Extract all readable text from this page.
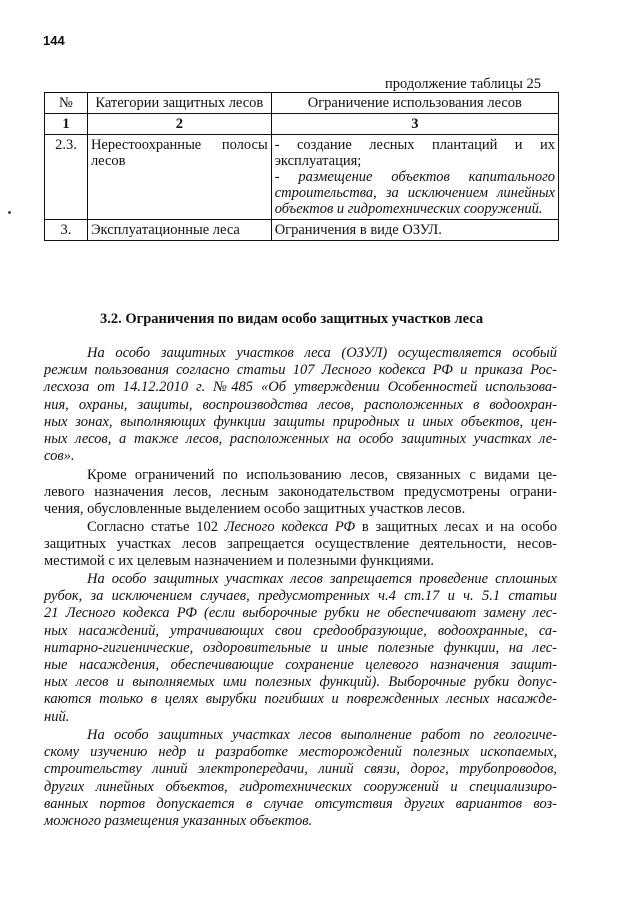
144
продолжение таблицы 25
№	Категории защитных лесов	Ограничение использования лесов
1	2	3
2.3.	Нерестоохранные полосы лесов	- создание лесных плантаций и их эксплуатация;
- размещение объектов капитального строительства, за исключением линейных объектов и гидротехнических сооружений.

3.	Эксплуатационные леса	Ограничения в виде ОЗУЛ.
3.2. Ограничения по видам особо защитных участков леса
На особо защитных участков леса (ОЗУЛ) осуществляется особый
режим пользования согласно статьи 107 Лесного кодекса РФ и приказа Рос-
лесхоза от 14.12.2010 г. №485 «Об утверждении Особенностей использова-
ния, охраны, защиты, воспроизводства лесов, расположенных в водоохран-
ных зонах, выполняющих функции защиты природных и иных объектов, цен-
ных лесов, а также лесов, расположенных на особо защитных участках ле-
сов».
Кроме ограничений по использованию лесов, связанных с видами це-
левого назначения лесов, лесным законодательством предусмотрены ограни-
чения, обусловленные выделением особо защитных участков лесов.
Согласно статье 102 Лесного кодекса РФ в защитных лесах и на особо
защитных участках лесов запрещается осуществление деятельности, несов-
местимой с их целевым назначением и полезными функциями.
На особо защитных участках лесов запрещается проведение сплошных
рубок, за исключением случаев, предусмотренных ч.4 ст.17 и ч. 5.1 статьи
21 Лесного кодекса РФ (если выборочные рубки не обеспечивают замену лес-
ных насаждений, утрачивающих свои средообразующие, водоохранные, са-
нитарно-гигиенические, оздоровительные и иные полезные функции, на лес-
ные насаждения, обеспечивающие сохранение целевого назначения защит-
ных лесов и выполняемых ими полезных функций). Выборочные рубки допус-
каются только в целях вырубки погибших и поврежденных лесных насажде-
ний.
На особо защитных участках лесов выполнение работ по геологиче-
скому изучению недр и разработке месторождений полезных ископаемых,
строительству линий электропередачи, линий связи, дорог, трубопроводов,
других линейных объектов, гидротехнических сооружений и специализиро-
ванных портов допускается в случае отсутствия других вариантов воз-
можного размещения указанных объектов.
